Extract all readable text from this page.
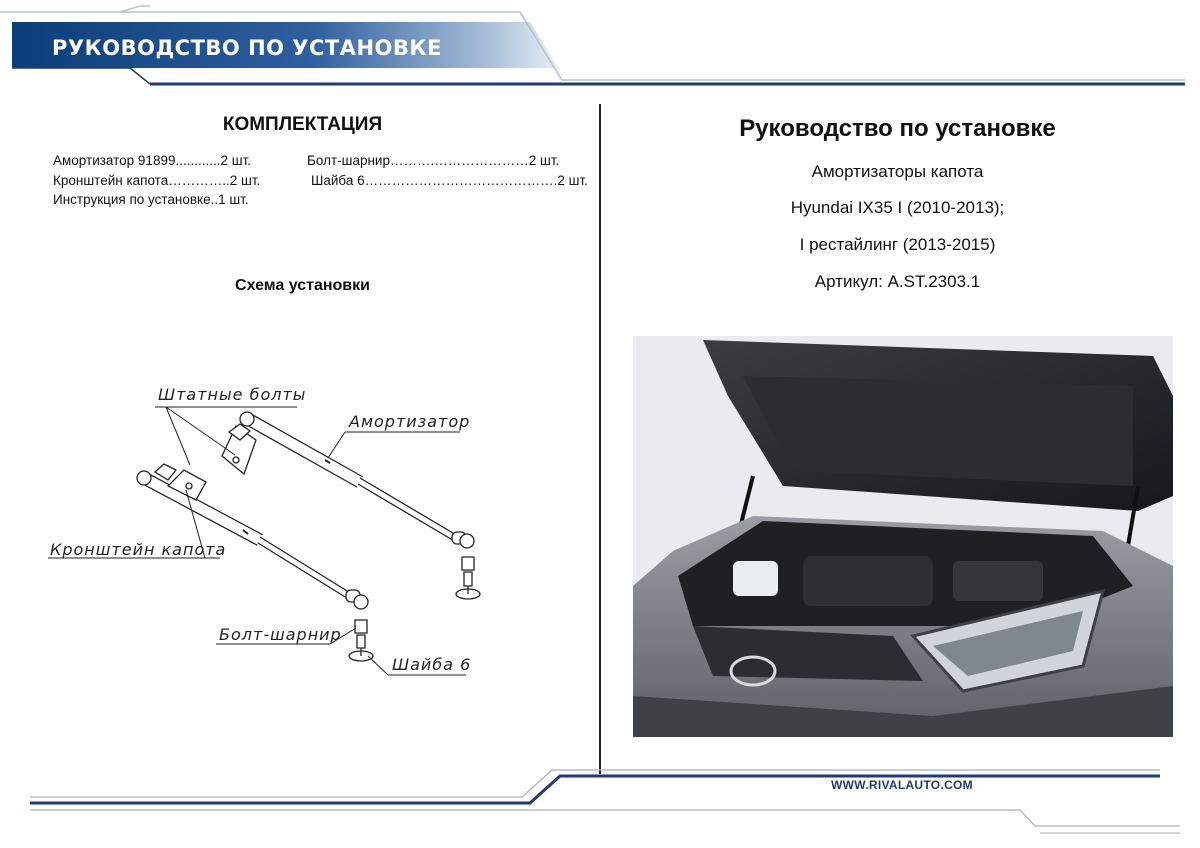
РУКОВОДСТВО ПО УСТАНОВКЕ
КОМПЛЕКТАЦИЯ
Амортизатор 91899............2 шт.
Кронштейн капота…………..2 шт.
Инструкция по установке..1 шт.
Болт-шарнир……….…………………2 шт.
Шайба 6…………………………………….2 шт.
Схема установки
Штатные болты
Амортизатор
Кронштейн капота
Болт-шарнир
Шайба 6
Руководство по установке
Амортизаторы капота
Hyundai IX35 I (2010-2013);
I рестайлинг (2013-2015)
Артикул: A.ST.2303.1
WWW.RIVALAUTO.COM
